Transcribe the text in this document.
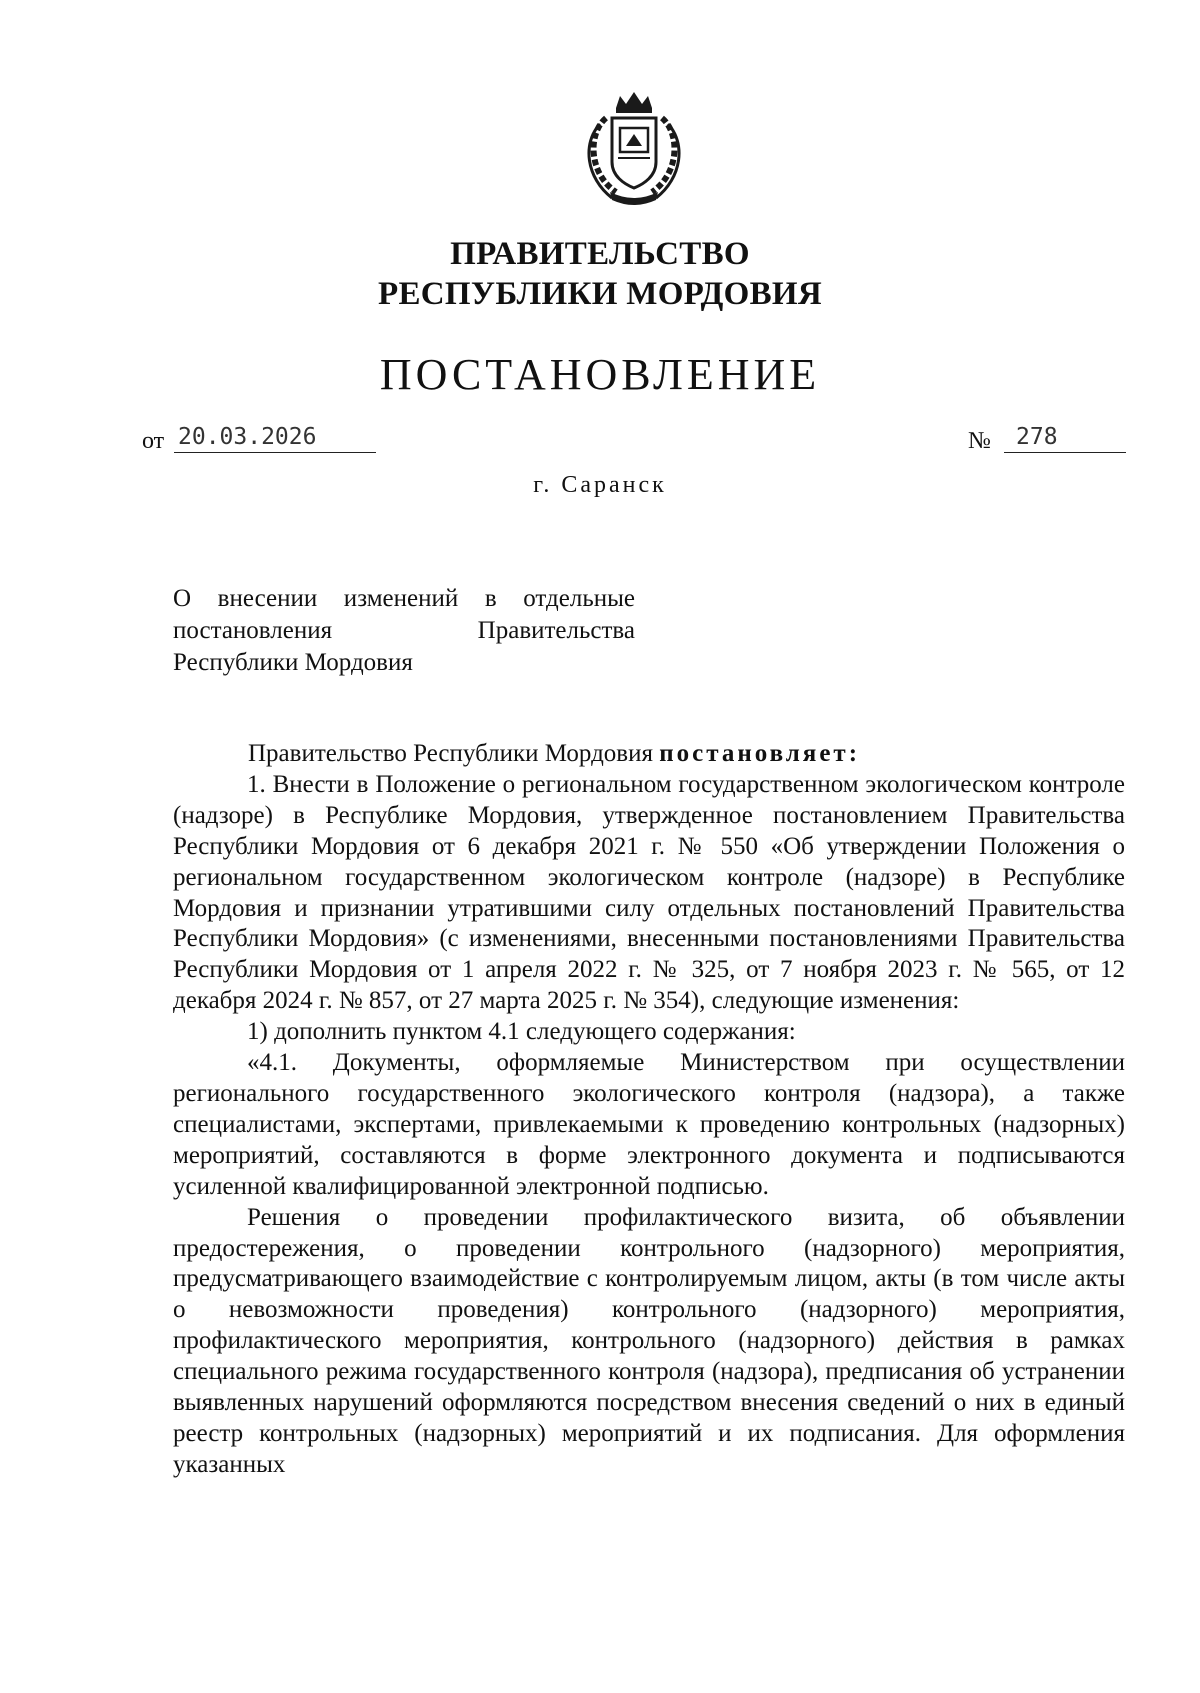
ПРАВИТЕЛЬСТВО
РЕСПУБЛИКИ МОРДОВИЯ
ПОСТАНОВЛЕНИЕ
от 20.03.2026	№	278
г. Саранск
О внесении изменений в отдельные
постановления Правительства
Республики Мордовия

Правительство Республики Мордовия постановляет:

1. Внести в Положение о региональном государственном экологическом контроле (надзоре) в Республике Мордовия, утвержденное постановлением Правительства Республики Мордовия от 6 декабря 2021 г. № 550 «Об утверждении Положения о региональном государственном экологическом контроле (надзоре) в Республике Мордовия и признании утратившими силу отдельных постановлений Правительства Республики Мордовия» (с изменениями, внесенными постановлениями Правительства Республики Мордовия от 1 апреля 2022 г. № 325, от 7 ноября 2023 г. № 565, от 12 декабря 2024 г. № 857, от 27 марта 2025 г. № 354), следующие изменения:

1) дополнить пунктом 4.1 следующего содержания:

«4.1. Документы, оформляемые Министерством при осуществлении регионального государственного экологического контроля (надзора), а также специалистами, экспертами, привлекаемыми к проведению контрольных (надзорных) мероприятий, составляются в форме электронного документа и подписываются усиленной квалифицированной электронной подписью.

Решения о проведении профилактического визита, об объявлении предостережения, о проведении контрольного (надзорного) мероприятия, предусматривающего взаимодействие с контролируемым лицом, акты (в том числе акты о невозможности проведения) контрольного (надзорного) мероприятия, профилактического мероприятия, контрольного (надзорного) действия в рамках специального режима государственного контроля (надзора), предписания об устранении выявленных нарушений оформляются посредством внесения сведений о них в единый реестр контрольных (надзорных) мероприятий и их подписания. Для оформления указанных
